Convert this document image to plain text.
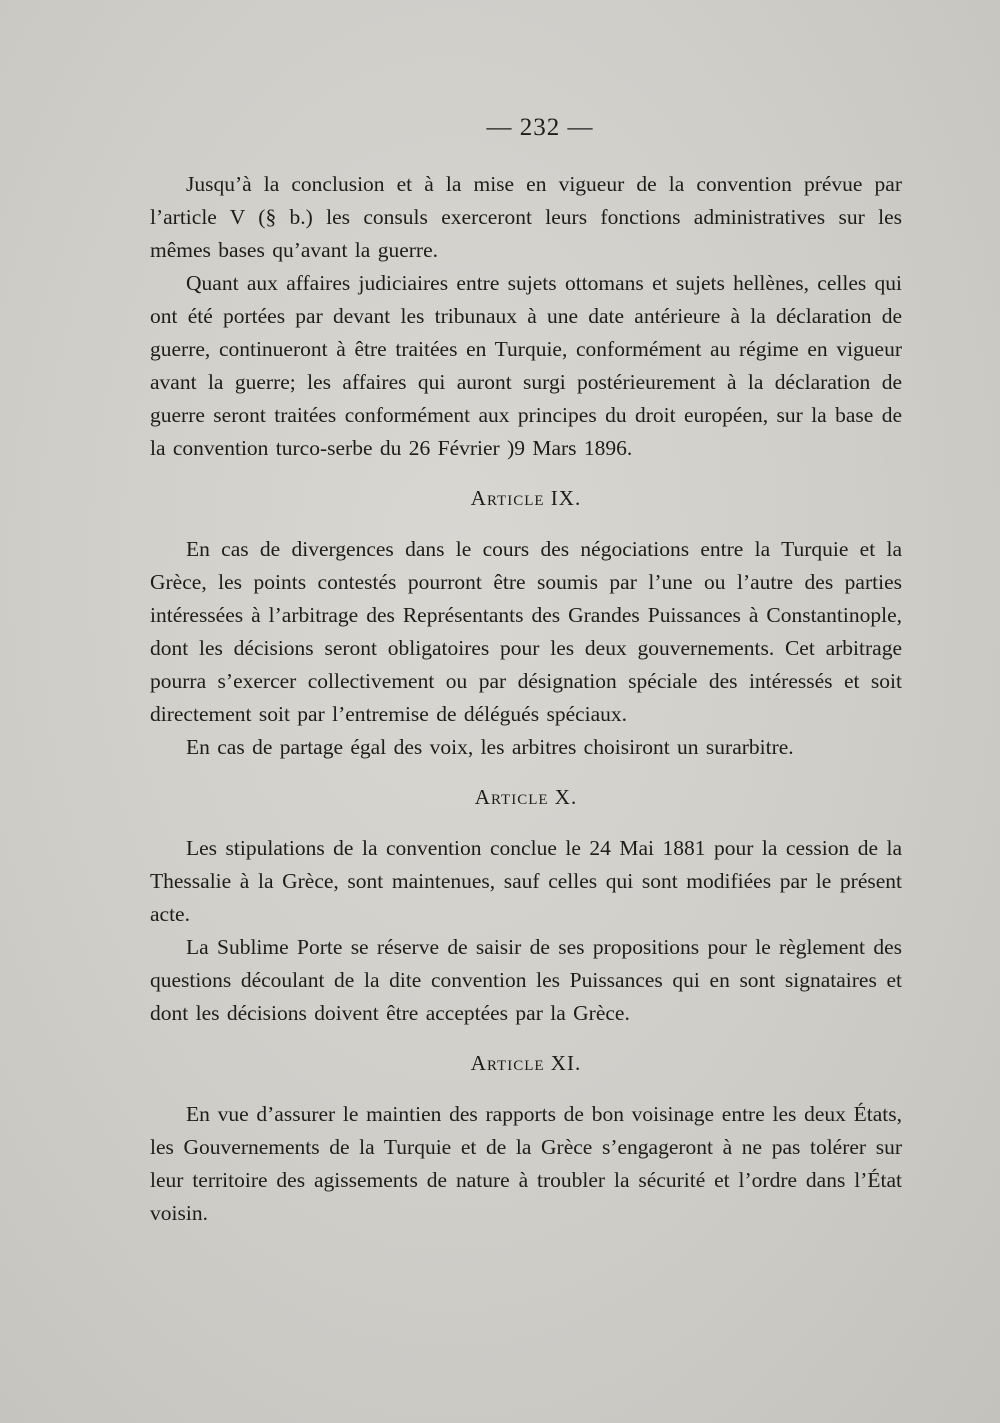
— 232 —

Jusqu’à la conclusion et à la mise en vigueur de la convention prévue par l’article V (§ b.) les consuls exerceront leurs fonctions administratives sur les mêmes bases qu’avant la guerre.

Quant aux affaires judiciaires entre sujets ottomans et sujets hellènes, celles qui ont été portées par devant les tribunaux à une date antérieure à la déclaration de guerre, continueront à être traitées en Turquie, conformément au régime en vigueur avant la guerre; les affaires qui auront surgi postérieurement à la déclaration de guerre seront traitées conformément aux principes du droit européen, sur la base de la convention turco-serbe du 26 Février )9 Mars 1896.

Article IX.

En cas de divergences dans le cours des négociations entre la Turquie et la Grèce, les points contestés pourront être soumis par l’une ou l’autre des parties intéressées à l’arbitrage des Représentants des Grandes Puissances à Constantinople, dont les décisions seront obligatoires pour les deux gouvernements. Cet arbitrage pourra s’exercer collectivement ou par désignation spéciale des intéressés et soit directement soit par l’entremise de délégués spéciaux.

En cas de partage égal des voix, les arbitres choisiront un surarbitre.

Article X.

Les stipulations de la convention conclue le 24 Mai 1881 pour la cession de la Thessalie à la Grèce, sont maintenues, sauf celles qui sont modifiées par le présent acte.

La Sublime Porte se réserve de saisir de ses propositions pour le règlement des questions découlant de la dite convention les Puissances qui en sont signataires et dont les décisions doivent être acceptées par la Grèce.

Article XI.

En vue d’assurer le maintien des rapports de bon voisinage entre les deux États, les Gouvernements de la Turquie et de la Grèce s’engageront à ne pas tolérer sur leur territoire des agissements de nature à troubler la sécurité et l’ordre dans l’État voisin.
